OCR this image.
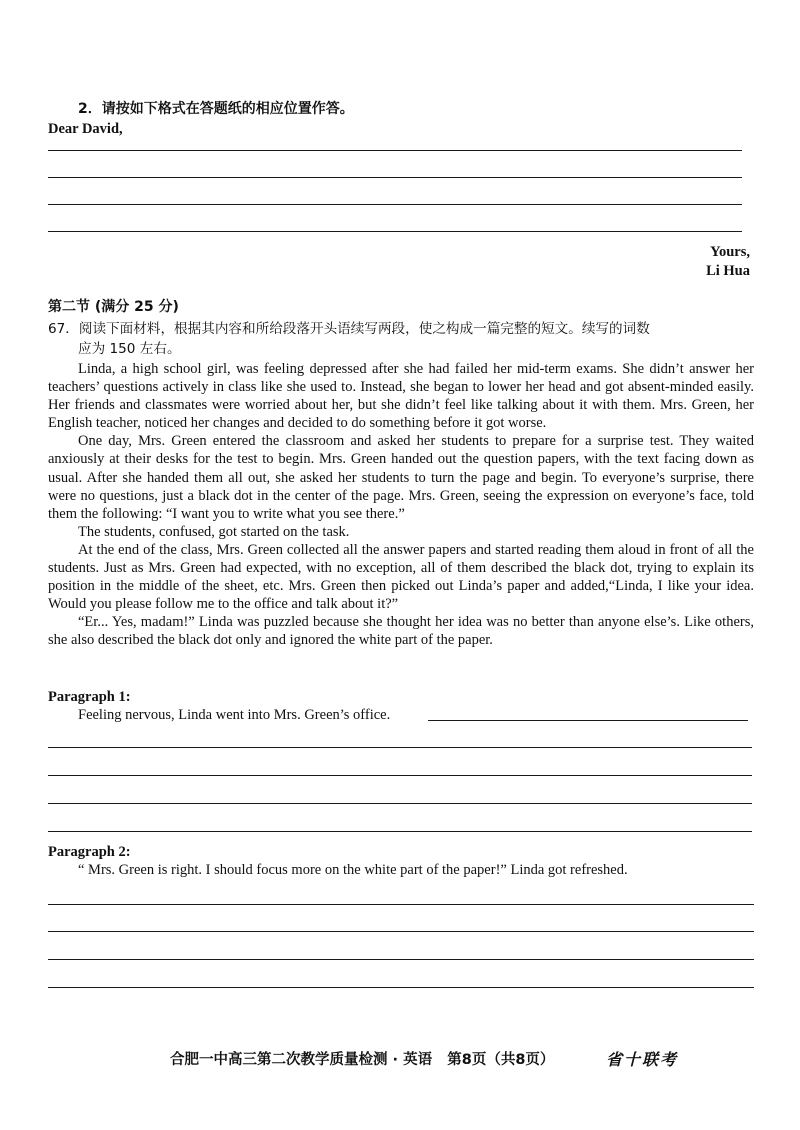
2．请按如下格式在答题纸的相应位置作答。
Dear David,
Yours,
Li Hua
第二节 (满分 25 分)
67．阅读下面材料，根据其内容和所给段落开头语续写两段，使之构成一篇完整的短文。续写的词数
应为 150 左右。

Linda, a high school girl, was feeling depressed after she had failed her mid-term exams. She didn’t answer her teachers’ questions actively in class like she used to. Instead, she began to lower her head and got absent-minded easily. Her friends and classmates were worried about her, but she didn’t feel like talking about it with them. Mrs. Green, her English teacher, noticed her changes and decided to do something before it got worse.

One day, Mrs. Green entered the classroom and asked her students to prepare for a surprise test. They waited anxiously at their desks for the test to begin. Mrs. Green handed out the question papers, with the text facing down as usual. After she handed them all out, she asked her students to turn the page and begin. To everyone’s surprise, there were no questions, just a black dot in the center of the page. Mrs. Green, seeing the expression on everyone’s face, told them the following: “I want you to write what you see there.”

The students, confused, got started on the task.

At the end of the class, Mrs. Green collected all the answer papers and started reading them aloud in front of all the students. Just as Mrs. Green had expected, with no exception, all of them described the black dot, trying to explain its position in the middle of the sheet, etc. Mrs. Green then picked out Linda’s paper and added,“Linda, I like your idea. Would you please follow me to the office and talk about it?”

“Er... Yes, madam!” Linda was puzzled because she thought her idea was no better than anyone else’s. Like others, she also described the black dot only and ignored the white part of the paper.

Paragraph 1:
Feeling nervous, Linda went into Mrs. Green’s office.
Paragraph 2:
“ Mrs. Green is right. I should focus more on the white part of the paper!” Linda got refreshed.
合肥一中高三第二次教学质量检测 · 英语   第8页（共8页）	省十联考
